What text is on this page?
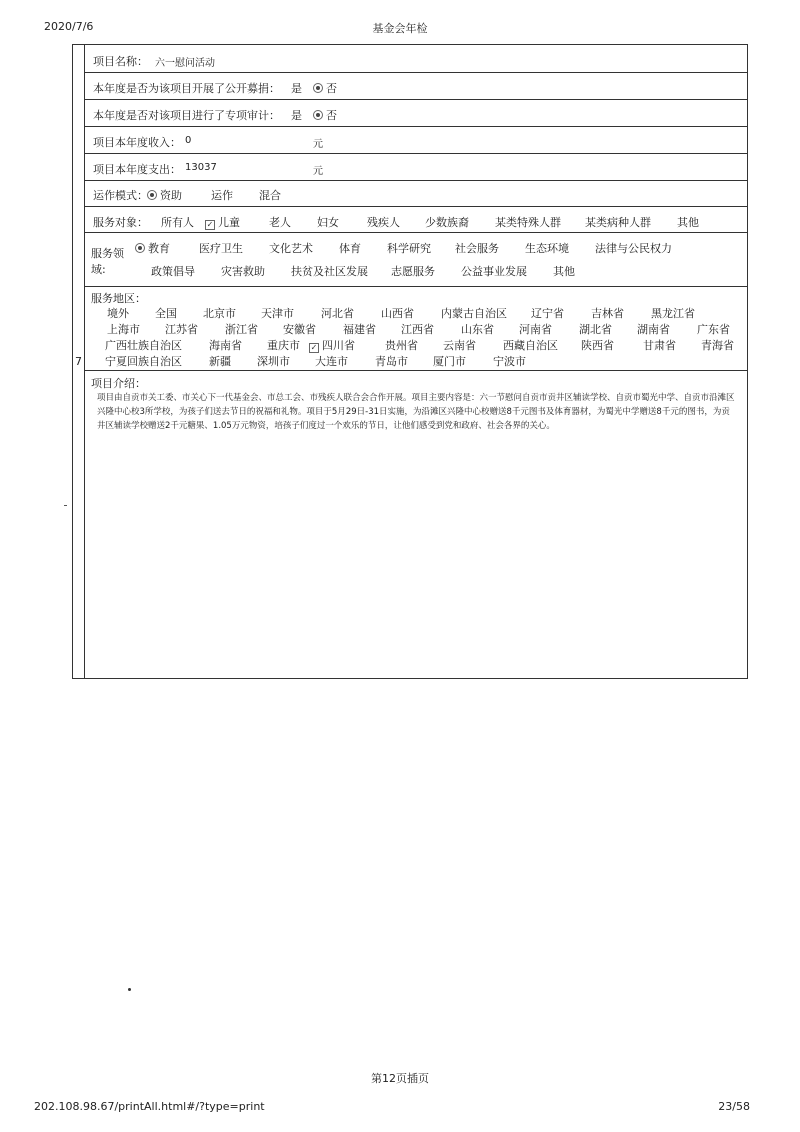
2020/7/6	基金会年检
7
项目名称： 六一慰问活动
本年度是否为该项目开展了公开募捐： 是	否
本年度是否对该项目进行了专项审计： 是	否
项目本年度收入： 0	元
项目本年度支出： 13037	元
运作模式：	资助	运作 混合
服务对象： 所有人 ✓ 儿童	老人 妇女	残疾人 少数族裔 某类特殊人群 某类病种人群 其他
服务领
域:
教育	医疗卫生 文化艺术 体育 科学研究 社会服务 生态环境 法律与公民权力
政策倡导 灾害救助 扶贫及社区发展 志愿服务 公益事业发展 其他
服务地区：
境外 全国 北京市 天津市 河北省 山西省 内蒙古自治区 辽宁省 吉林省 黑龙江省
上海市 江苏省 浙江省 安徽省 福建省 江西省 山东省 河南省 湖北省 湖南省 广东省
广西壮族自治区 海南省 重庆市 ✓ 四川省	贵州省 云南省 西藏自治区 陕西省	甘肃省 青海省
宁夏回族自治区 新疆 深圳市 大连市 青岛市 厦门市 宁波市
项目介绍：
项目由自贡市关工委、市关心下一代基金会、市总工会、市残疾人联合会合作开展。项目主要内容是：六一节慰问自贡市贡井区辅读学校、自贡市蜀光中学、自贡市沿滩区兴隆中心校3所学校，为孩子们送去节日的祝福和礼物。项目于5月29日-31日实施，为沿滩区兴隆中心校赠送8千元图书及体育器材，为蜀光中学赠送8千元的图书，为贡井区辅读学校赠送2千元糖果、1.05万元物资，培孩子们度过一个欢乐的节日，让他们感受到党和政府、社会各界的关心。
第12页插页
202.108.98.67/printAll.html#/?type=print	23/58
